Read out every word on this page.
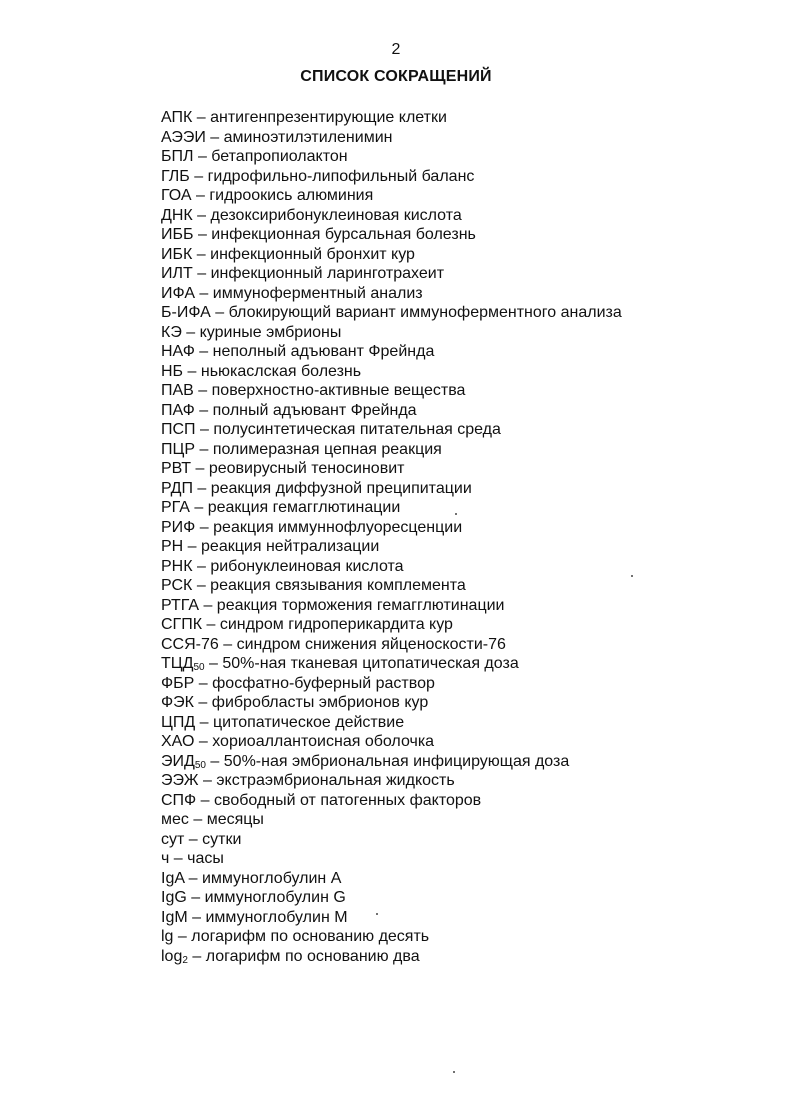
2
СПИСОК СОКРАЩЕНИЙ
АПК – антигенпрезентирующие клетки
АЭЭИ – аминоэтилэтиленимин
БПЛ – бетапропиолактон
ГЛБ – гидрофильно-липофильный баланс
ГОА – гидроокись алюминия
ДНК – дезоксирибонуклеиновая кислота
ИББ – инфекционная бурсальная болезнь
ИБК – инфекционный бронхит кур
ИЛТ – инфекционный ларинготрахеит
ИФА – иммуноферментный анализ
Б-ИФА – блокирующий вариант иммуноферментного анализа
КЭ – куриные эмбрионы
НАФ – неполный адъювант Фрейнда
НБ – ньюкаслская болезнь
ПАВ – поверхностно-активные вещества
ПАФ – полный адъювант Фрейнда
ПСП – полусинтетическая питательная среда
ПЦР – полимеразная цепная реакция
РВТ – реовирусный теносиновит
РДП – реакция диффузной преципитации
РГА – реакция гемагглютинации
РИФ – реакция иммуннофлуоресценции
РН – реакция нейтрализации
РНК – рибонуклеиновая кислота
РСК – реакция связывания комплемента
РТГА – реакция торможения гемагглютинации
СГПК – синдром гидроперикардита кур
ССЯ-76 – синдром снижения яйценоскости-76
$ТЦД_{50} - 50\%-ная$ тканевая цитопатическая доза
ФБР – фосфатно-буферный раствор
ФЭК – фибробласты эмбрионов кур
ЦПД – цитопатическое действие
ХАО – хориоаллантоисная оболочка
$ЭИД_{50} - 50\%-ная$ эмбриональная инфицирующая доза
ЭЭЖ – экстраэмбриональная жидкость
СПФ – свободный от патогенных факторов
мес – месяцы
сут – сутки
ч – часы
IgA – иммуноглобулин А
IgG – иммуноглобулин G
IgM – иммуноглобулин М
lg – логарифм по основанию десять
$\log_2$ – логарифм по основанию два
